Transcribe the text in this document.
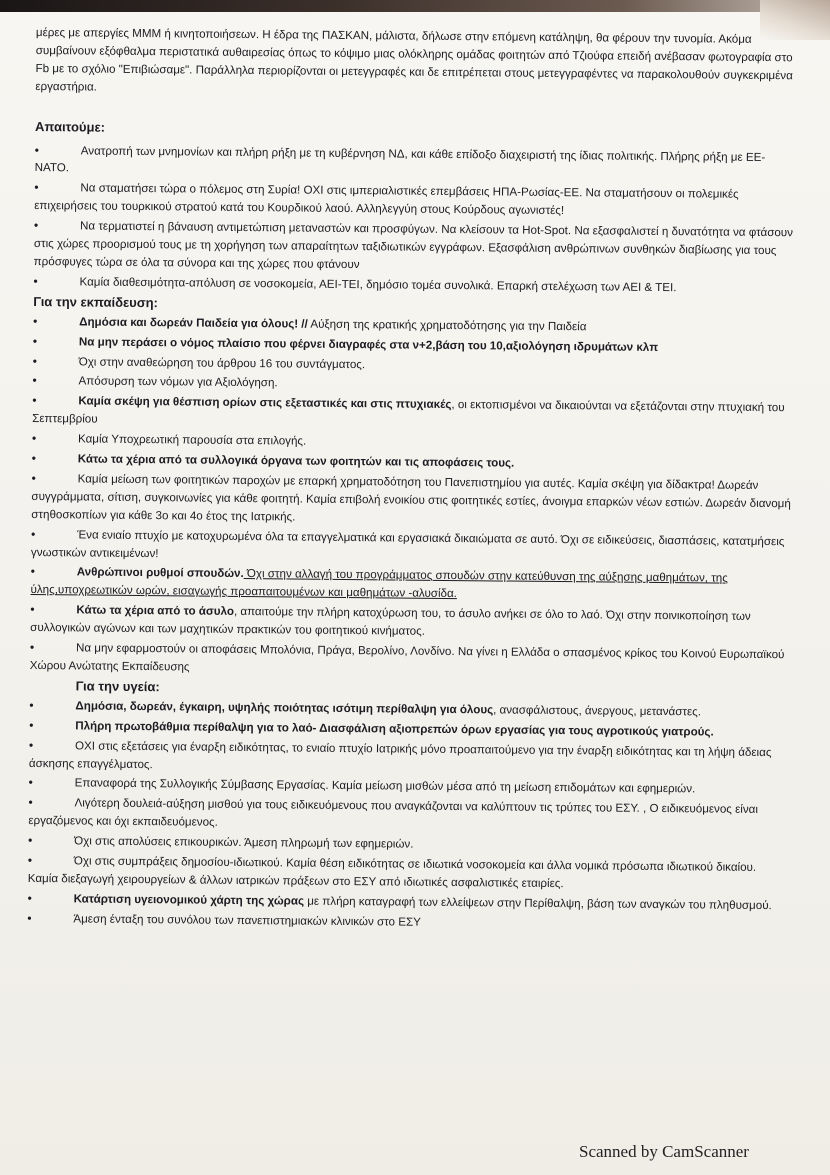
μέρες με απεργίες ΜΜΜ ή κινητοποιήσεων. Η έδρα της ΠΑΣΚΑΝ, μάλιστα, δήλωσε στην επόμενη κατάληψη, θα φέρουν την τυνομία. Ακόμα συμβαίνουν εξόφθαλμα περιστατικά αυθαιρεσίας όπως το κόψιμο μιας ολόκληρης ομάδας φοιτητών από Τζιούφα επειδή ανέβασαν φωτογραφία στο Fb με το σχόλιο "Επιβιώσαμε". Παράλληλα περιορίζονται οι μετεγγραφές και δε επιτρέπεται στους μετεγγραφέντες να παρακολουθούν συγκεκριμένα εργαστήρια.

Απαιτούμε:

•	Ανατροπή των μνημονίων και πλήρη ρήξη με τη κυβέρνηση ΝΔ, και κάθε επίδοξο διαχειριστή της ίδιας πολιτικής. Πλήρης ρήξη με ΕΕ-ΝΑΤΟ.

•	Να σταματήσει τώρα ο πόλεμος στη Συρία! ΟΧΙ στις ιμπεριαλιστικές επεμβάσεις ΗΠΑ-Ρωσίας-ΕΕ. Να σταματήσουν οι πολεμικές επιχειρήσεις του τουρκικού στρατού κατά του Κουρδικού λαού. Αλληλεγγύη στους Κούρδους αγωνιστές!

•	Να τερματιστεί η βάναυση αντιμετώπιση μεταναστών και προσφύγων. Να κλείσουν τα Hot-Spot. Να εξασφαλιστεί η δυνατότητα να φτάσουν στις χώρες προορισμού τους με τη χορήγηση των απαραίτητων ταξιδιωτικών εγγράφων. Εξασφάλιση ανθρώπινων συνθηκών διαβίωσης για τους πρόσφυγες τώρα σε όλα τα σύνορα και της χώρες που φτάνουν

•	Καμία διαθεσιμότητα-απόλυση σε νοσοκομεία, ΑΕΙ-ΤΕΙ, δημόσιο τομέα συνολικά. Επαρκή στελέχωση των ΑΕΙ & ΤΕΙ.

Για την εκπαίδευση:

•	Δημόσια και δωρεάν Παιδεία για όλους! // Αύξηση της κρατικής χρηματοδότησης για την Παιδεία

•	Να μην περάσει ο νόμος πλαίσιο που φέρνει διαγραφές στα ν+2,βάση του 10,αξιολόγηση ιδρυμάτων κλπ

•	Όχι στην αναθεώρηση του άρθρου 16 του συντάγματος.

•	Απόσυρση των νόμων για Αξιολόγηση.

•	Καμία σκέψη για θέσπιση ορίων στις εξεταστικές και στις πτυχιακές, οι εκτοπισμένοι να δικαιούνται να εξετάζονται στην πτυχιακή του Σεπτεμβρίου

•	Καμία Υποχρεωτική παρουσία στα επιλογής.

•	Κάτω τα χέρια από τα συλλογικά όργανα των φοιτητών και τις αποφάσεις τους.

•	Καμία μείωση των φοιτητικών παροχών με επαρκή χρηματοδότηση του Πανεπιστημίου για αυτές. Καμία σκέψη για δίδακτρα! Δωρεάν συγγράμματα, σίτιση, συγκοινωνίες για κάθε φοιτητή. Καμία επιβολή ενοικίου στις φοιτητικές εστίες, άνοιγμα επαρκών νέων εστιών. Δωρεάν διανομή στηθοσκοπίων για κάθε 3ο και 4ο έτος της Ιατρικής.

•	Ένα ενιαίο πτυχίο με κατοχυρωμένα όλα τα επαγγελματικά και εργασιακά δικαιώματα σε αυτό. Όχι σε ειδικεύσεις, διασπάσεις, κατατμήσεις γνωστικών αντικειμένων!

•	Ανθρώπινοι ρυθμοί σπουδών. Όχι στην αλλαγή του προγράμματος σπουδών στην κατεύθυνση της αύξησης μαθημάτων, της ύλης,υποχρεωτικών ωρών, εισαγωγής προαπαιτουμένων και μαθημάτων -αλυσίδα.

•	Κάτω τα χέρια από το άσυλο, απαιτούμε την πλήρη κατοχύρωση του, το άσυλο ανήκει σε όλο το λαό. Όχι στην ποινικοποίηση των συλλογικών αγώνων και των μαχητικών πρακτικών του φοιτητικού κινήματος.

•	Να μην εφαρμοστούν οι αποφάσεις Μπολόνια, Πράγα, Βερολίνο, Λονδίνο. Να γίνει η Ελλάδα ο σπασμένος κρίκος του Κοινού Ευρωπαϊκού Χώρου Ανώτατης Εκπαίδευσης

Για την υγεία:

•	Δημόσια, δωρεάν, έγκαιρη, υψηλής ποιότητας ισότιμη περίθαλψη για όλους, ανασφάλιστους, άνεργους, μετανάστες.

•	Πλήρη πρωτοβάθμια περίθαλψη για το λαό- Διασφάλιση αξιοπρεπών όρων εργασίας για τους αγροτικούς γιατρούς.

•	ΟΧΙ στις εξετάσεις για έναρξη ειδικότητας, το ενιαίο πτυχίο Ιατρικής μόνο προαπαιτούμενο για την έναρξη ειδικότητας και τη λήψη άδειας άσκησης επαγγέλματος.

•	Επαναφορά της Συλλογικής Σύμβασης Εργασίας. Καμία μείωση μισθών μέσα από τη μείωση επιδομάτων και εφημεριών.

•	Λιγότερη δουλειά-αύξηση μισθού για τους ειδικευόμενους που αναγκάζονται να καλύπτουν τις τρύπες του ΕΣΥ. , Ο ειδικευόμενος είναι εργαζόμενος και όχι εκπαιδευόμενος.

•	Όχι στις απολύσεις επικουρικών. Άμεση πληρωμή των εφημεριών.

•	Όχι στις συμπράξεις δημοσίου-ιδιωτικού. Καμία θέση ειδικότητας σε ιδιωτικά νοσοκομεία και άλλα νομικά πρόσωπα ιδιωτικού δικαίου. Καμία διεξαγωγή χειρουργείων & άλλων ιατρικών πράξεων στο ΕΣΥ από ιδιωτικές ασφαλιστικές εταιρίες.

•	Κατάρτιση υγειονομικού χάρτη της χώρας με πλήρη καταγραφή των ελλείψεων στην Περίθαλψη, βάση των αναγκών του πληθυσμού.

•	Άμεση ένταξη του συνόλου των πανεπιστημιακών κλινικών στο ΕΣΥ

Scanned by CamScanner
